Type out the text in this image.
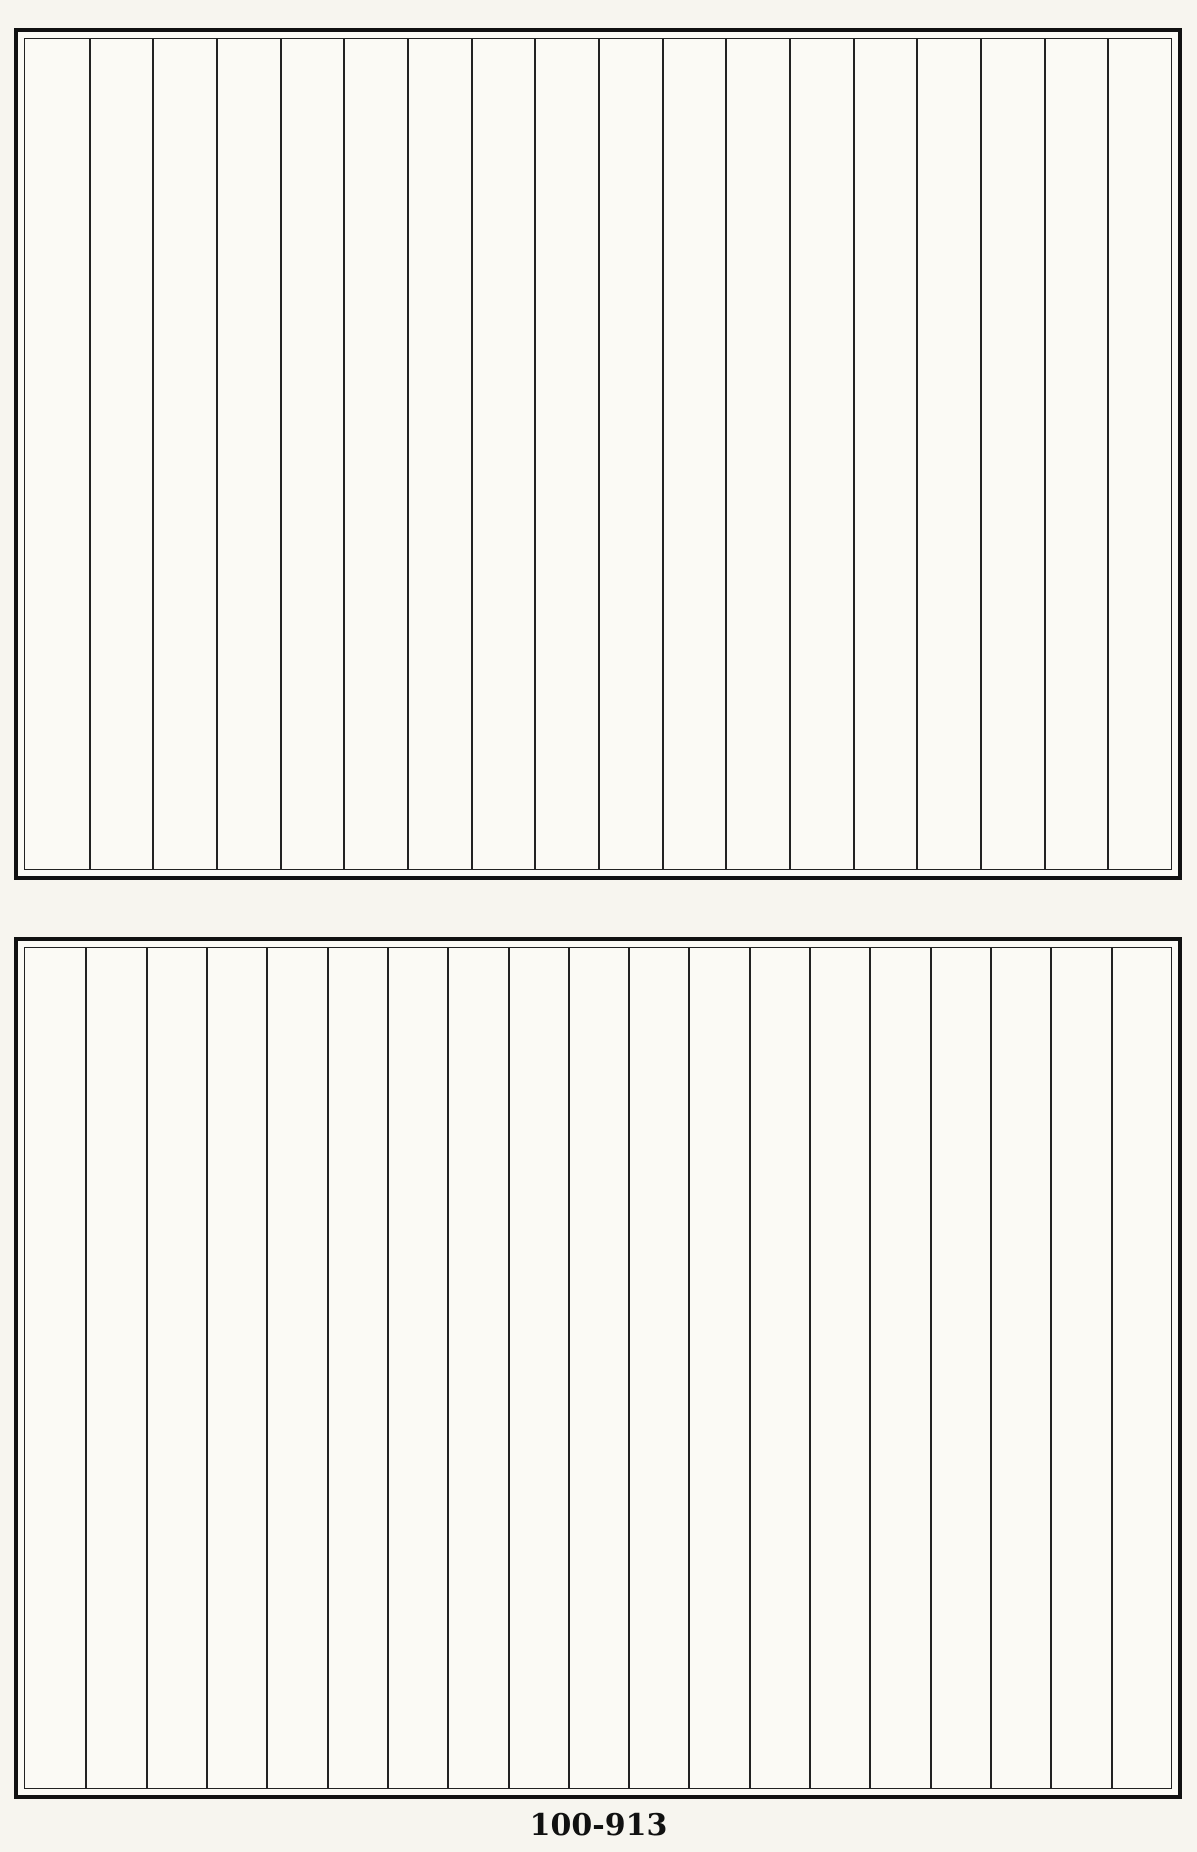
100-913
